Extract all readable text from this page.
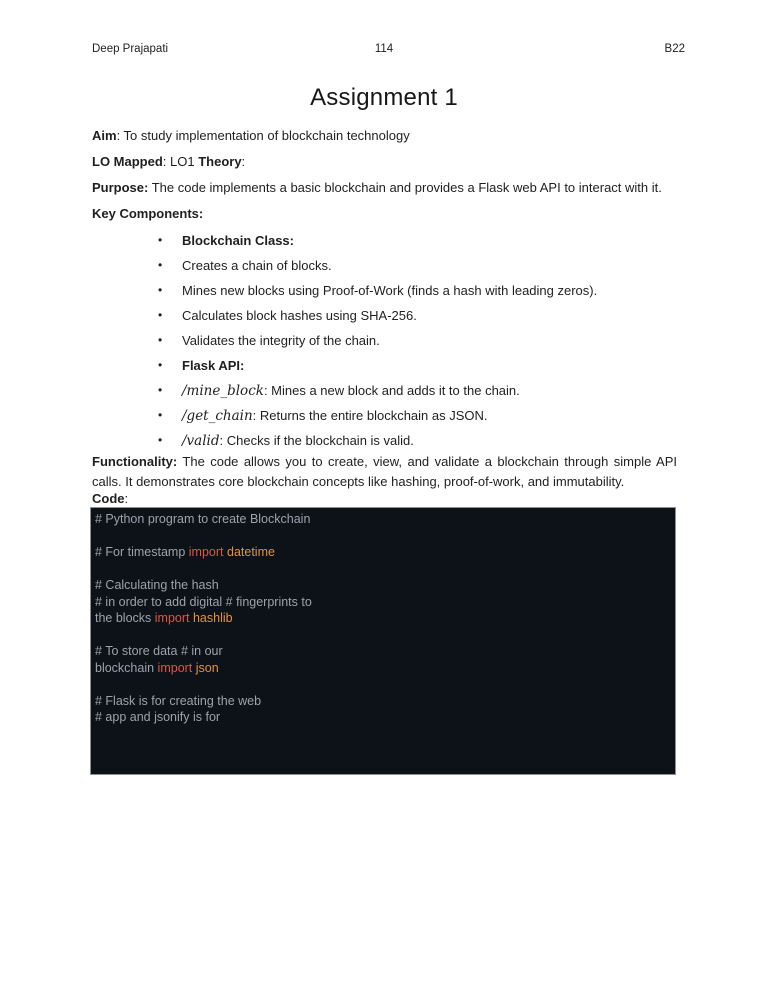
Deep Prajapati	114	B22
Assignment 1
Aim: To study implementation of blockchain technology
LO Mapped: LO1 Theory:
Purpose: The code implements a basic blockchain and provides a Flask web API to interact with it.
Key Components:
•	Blockchain Class:
•	Creates a chain of blocks.
•	Mines new blocks using Proof-of-Work (finds a hash with leading zeros).
•	Calculates block hashes using SHA-256.
•	Validates the integrity of the chain.
•	Flask API:
•	/mine_block: Mines a new block and adds it to the chain.
•	/get_chain: Returns the entire blockchain as JSON.
•	/valid: Checks if the blockchain is valid.
Functionality: The code allows you to create, view, and validate a blockchain through simple API calls. It demonstrates core blockchain concepts like hashing, proof-of-work, and immutability.
Code:
# Python program to create Blockchain

# For timestamp import datetime

# Calculating the hash
# in order to add digital # fingerprints to
the blocks import hashlib

# To store data # in our
blockchain import json

# Flask is for creating the web
# app and jsonify is for
